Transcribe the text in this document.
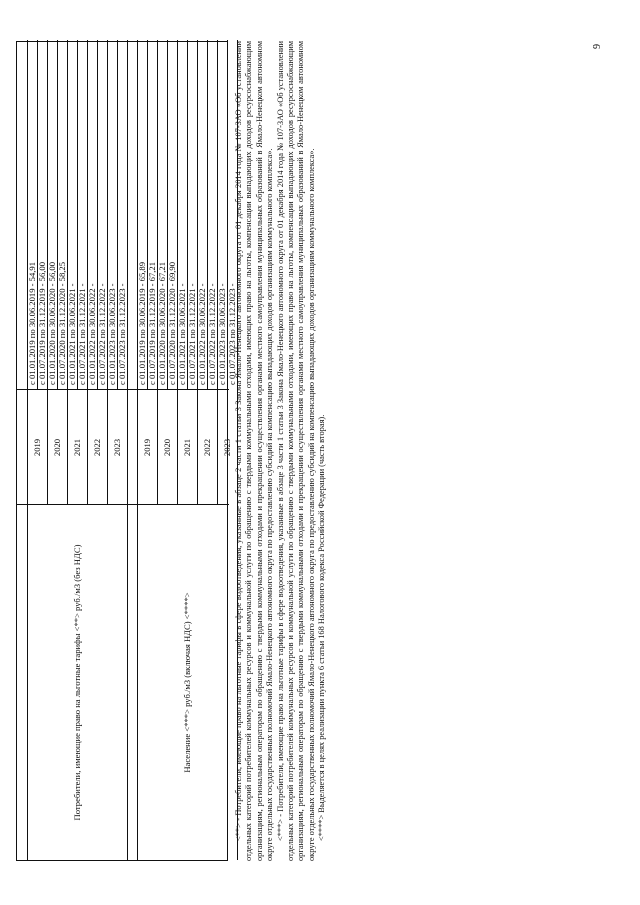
с 01.01.2019 по 30.06.2019 - 54,91 с 01.07.2019 по 31.12.2019 - 56,00
2019
с 01.01.2020 по 30.06.2020 - 56,00 с 01.07.2020 по 31.12.2020 - 58,25
2020
с 01.01.2021 по 30.06.2021 - с 01.07.2021 по 31.12.2021 -
2021
с 01.01.2022 по 30.06.2022 - с 01.07.2022 по 31.12.2022 -
2022
с 01.01.2023 по 30.06.2023 - с 01.07.2023 по 31.12.2023 -
2023
Потребители, имеющие право на льготные тарифы <**> руб./м3 (без НДС)
с 01.01.2019 по 30.06.2019 - 65,89 с 01.07.2019 по 31.12.2019 - 67,21
2019
с 01.01.2020 по 30.06.2020 - 67,21 с 01.07.2020 по 31.12.2020 - 69,90
2020
с 01.01.2021 по 30.06.2021 - с 01.07.2021 по 31.12.2021 -
2021
с 01.01.2022 по 30.06.2022 - с 01.07.2022 по 31.12.2022 -
2022
с 01.01.2023 по 30.06.2023 - с 01.07.2023 по 31.12.2023 -
2023
Население <***> руб./м3 (включая НДС) <****>	<**> - Потребители, имеющие право на льготные тарифы в сфере водоотведения, указанные в абзаце 2 части 1 статьи 3 Закона Ямало-Ненецкого автономного округа от 01 декабря 2014 года № 107-ЗАО «Об установлении отдельных категорий потребителей коммунальных ресурсов и коммунальной услуги по обращению с твердыми коммунальными отходами, имеющих право на льготы, компенсации выпадающих доходов ресурсоснабжающим организациям, региональным операторам по обращению с твердыми коммунальными отходами и прекращении осуществления органами местного самоуправления муниципальных образований в Ямало-Ненецком автономном округе отдельных государственных полномочий Ямало-Ненецкого автономного округа по предоставлению субсидий на компенсацию выпадающих доходов организациям коммунального комплекса». <***> - Потребители, имеющие право на льготные тарифы в сфере водоотведения, указанные в абзаце 3 части 1 статьи 3 Закона Ямало-Ненецкого автономного округа от 01 декабря 2014 года № 107-ЗАО «Об установлении отдельных категорий потребителей коммунальных ресурсов и коммунальной услуги по обращению с твердыми коммунальными отходами, имеющих право на льготы, компенсации выпадающих доходов ресурсоснабжающим организациям, региональным операторам по обращению с твердыми коммунальными отходами и прекращении осуществления органами местного самоуправления муниципальных образований в Ямало-Ненецком автономном округе отдельных государственных полномочий Ямало-Ненецкого автономного округа по предоставлению субсидий на компенсацию выпадающих доходов организациям коммунального комплекса». <****> Выделяется в целях реализации пункта 6 статьи 168 Налогового кодекса Российской Федерации (часть вторая).

9
